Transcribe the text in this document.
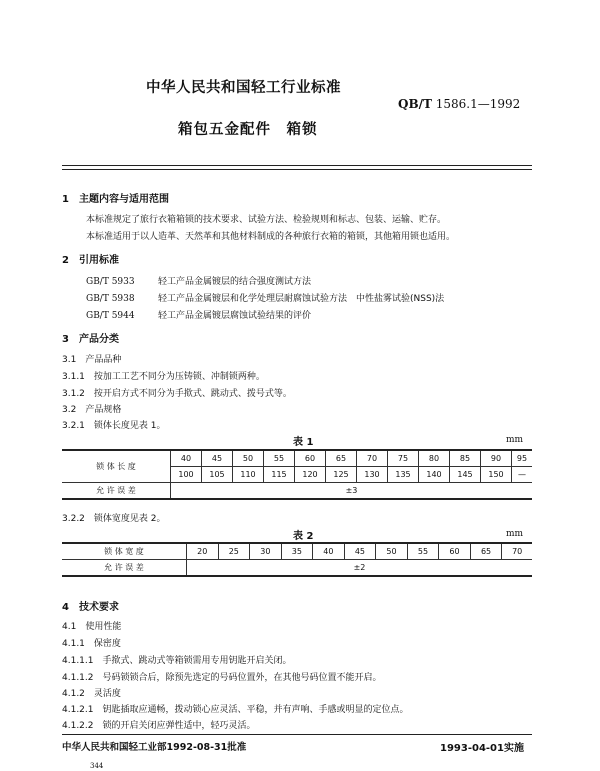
中华人民共和国轻工行业标准
QB/T 1586.1—1992
箱包五金配件　箱锁
1　主题内容与适用范围
本标准规定了旅行衣箱箱锁的技术要求、试验方法、检验规则和标志、包装、运输、贮存。
本标准适用于以人造革、天然革和其他材料制成的各种旅行衣箱的箱锁，其他箱用锁也适用。
2　引用标准
GB/T 5933	轻工产品金属镀层的结合强度测试方法
GB/T 5938	轻工产品金属镀层和化学处理层耐腐蚀试验方法　中性盐雾试验(NSS)法
GB/T 5944	轻工产品金属镀层腐蚀试验结果的评价
3　产品分类
3.1　产品品种
3.1.1　按加工工艺不同分为压铸锁、冲制锁两种。
3.1.2　按开启方式不同分为手揿式、跳动式、拨号式等。
3.2　产品规格
3.2.1　锁体长度见表 1。
表 1	mm
锁 体 长 度	40	45	50	55	60	65	70	75	80	85	90	95
	100	105	110	115	120	125	130	135	140	145	150	—
允 许 误 差	±3											
3.2.2　锁体宽度见表 2。
表 2	mm
锁 体 宽 度	20	25	30	35	40	45	50	55	60	65	70
允 许 误 差	±2										
4　技术要求
4.1　使用性能
4.1.1　保密度
4.1.1.1　手揿式、跳动式等箱锁需用专用钥匙开启关闭。
4.1.1.2　号码锁锁合后，除预先选定的号码位置外，在其他号码位置不能开启。
4.1.2　灵活度
4.1.2.1　钥匙插取应通畅，拨动锁心应灵活、平稳，并有声响、手感或明显的定位点。
4.1.2.2　锁的开启关闭应弹性适中，轻巧灵活。
中华人民共和国轻工业部1992-08-31批准	1993-04-01实施
344
